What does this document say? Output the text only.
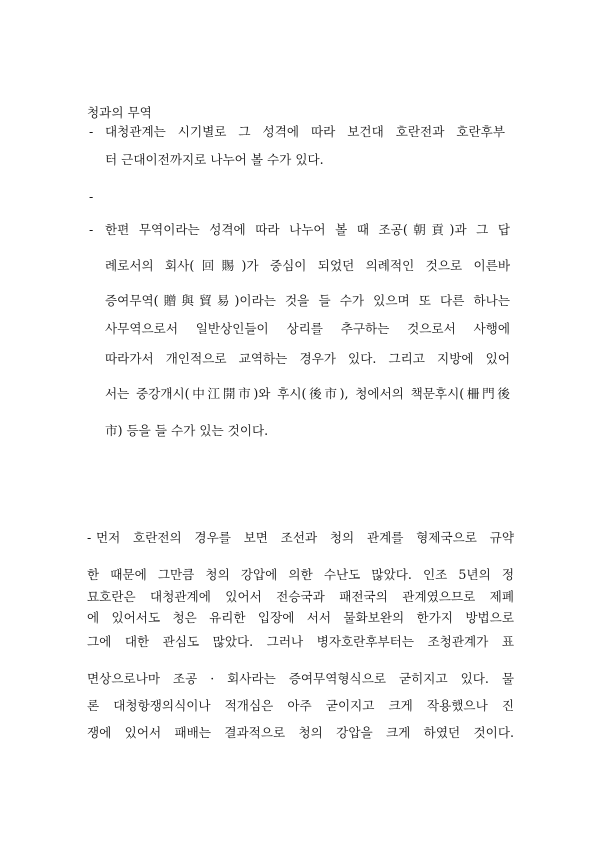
청과의 무역
- 대청관계는 시기별로 그 성격에 따라 보건대 호란전과 호란후부
터 근대이전까지로 나누어 볼 수가 있다.
-
- 한편 무역이라는 성격에 따라 나누어 볼 때 조공(朝貢)과 그 답
례로서의 회사(回賜)가 중심이 되었던 의례적인 것으로 이른바
증여무역(贈與貿易)이라는 것을 들 수가 있으며 또 다른 하나는
사무역으로서 일반상인들이 상리를 추구하는 것으로서 사행에
따라가서 개인적으로 교역하는 경우가 있다. 그리고 지방에 있어
서는 중강개시(中江開市)와 후시(後市), 청에서의 책문후시(柵門後
市) 등을 들 수가 있는 것이다.
- 먼저 호란전의 경우를 보면 조선과 청의 관계를 형제국으로 규약
한 때문에 그만큼 청의 강압에 의한 수난도 많았다. 인조 5년의 정
묘호란은 대청관계에 있어서 전승국과 패전국의 관계였으므로 제폐
에 있어서도 청은 유리한 입장에 서서 물화보완의 한가지 방법으로
그에 대한 관심도 많았다. 그러나 병자호란후부터는 조청관계가 표
면상으로나마 조공 · 회사라는 증여무역형식으로 굳히지고 있다. 물
론 대청항쟁의식이나 적개심은 아주 굳이지고 크게 작용했으나 진
쟁에 있어서 패배는 결과적으로 청의 강압을 크게 하였던 것이다.
